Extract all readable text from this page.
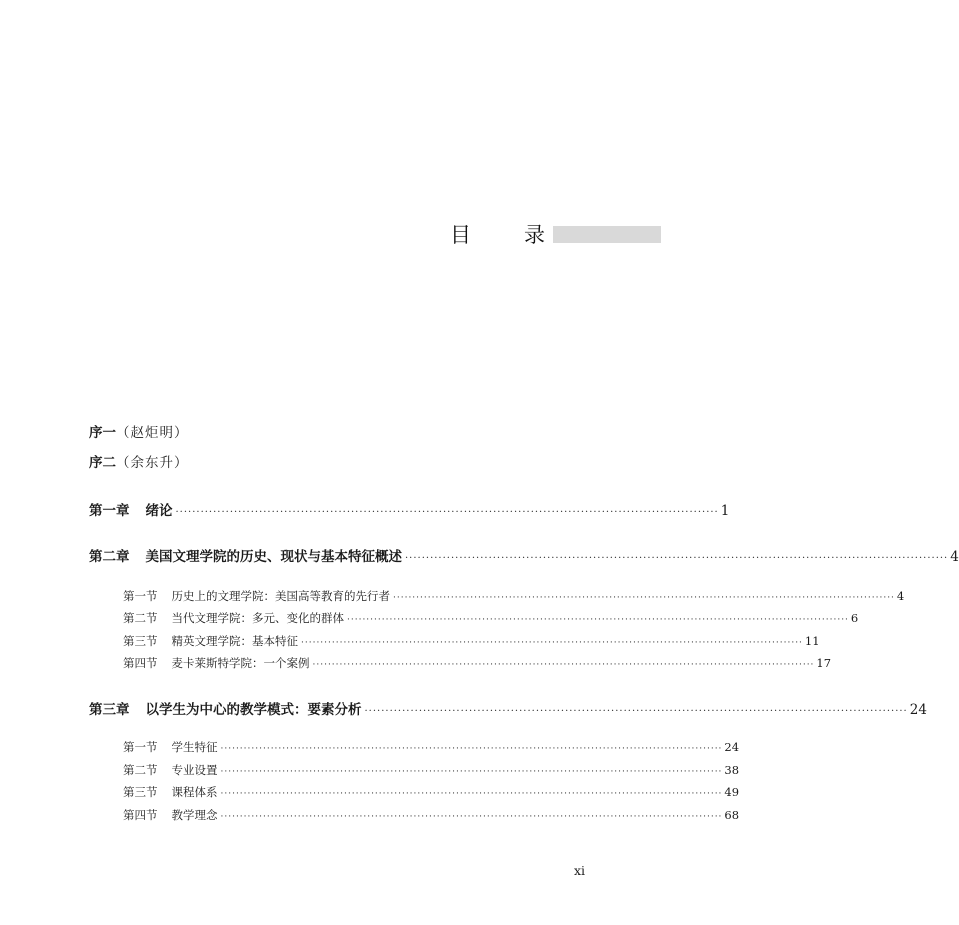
目	录
序一（赵炬明）
序二（余东升）
第一章 绪论 ·································································································································· 1
第二章 美国文理学院的历史、现状与基本特征概述 ·································································································································· 4
第一节 历史上的文理学院：美国高等教育的先行者 ·································································································································· 4
第二节 当代文理学院：多元、变化的群体 ·································································································································· 6
第三节 精英文理学院：基本特征 ·································································································································· 11
第四节 麦卡莱斯特学院：一个案例 ·································································································································· 17
第三章 以学生为中心的教学模式：要素分析 ·································································································································· 24
第一节 学生特征 ·································································································································· 24
第二节 专业设置 ·································································································································· 38
第三节 课程体系 ·································································································································· 49
第四节 教学理念 ·································································································································· 68
xi
